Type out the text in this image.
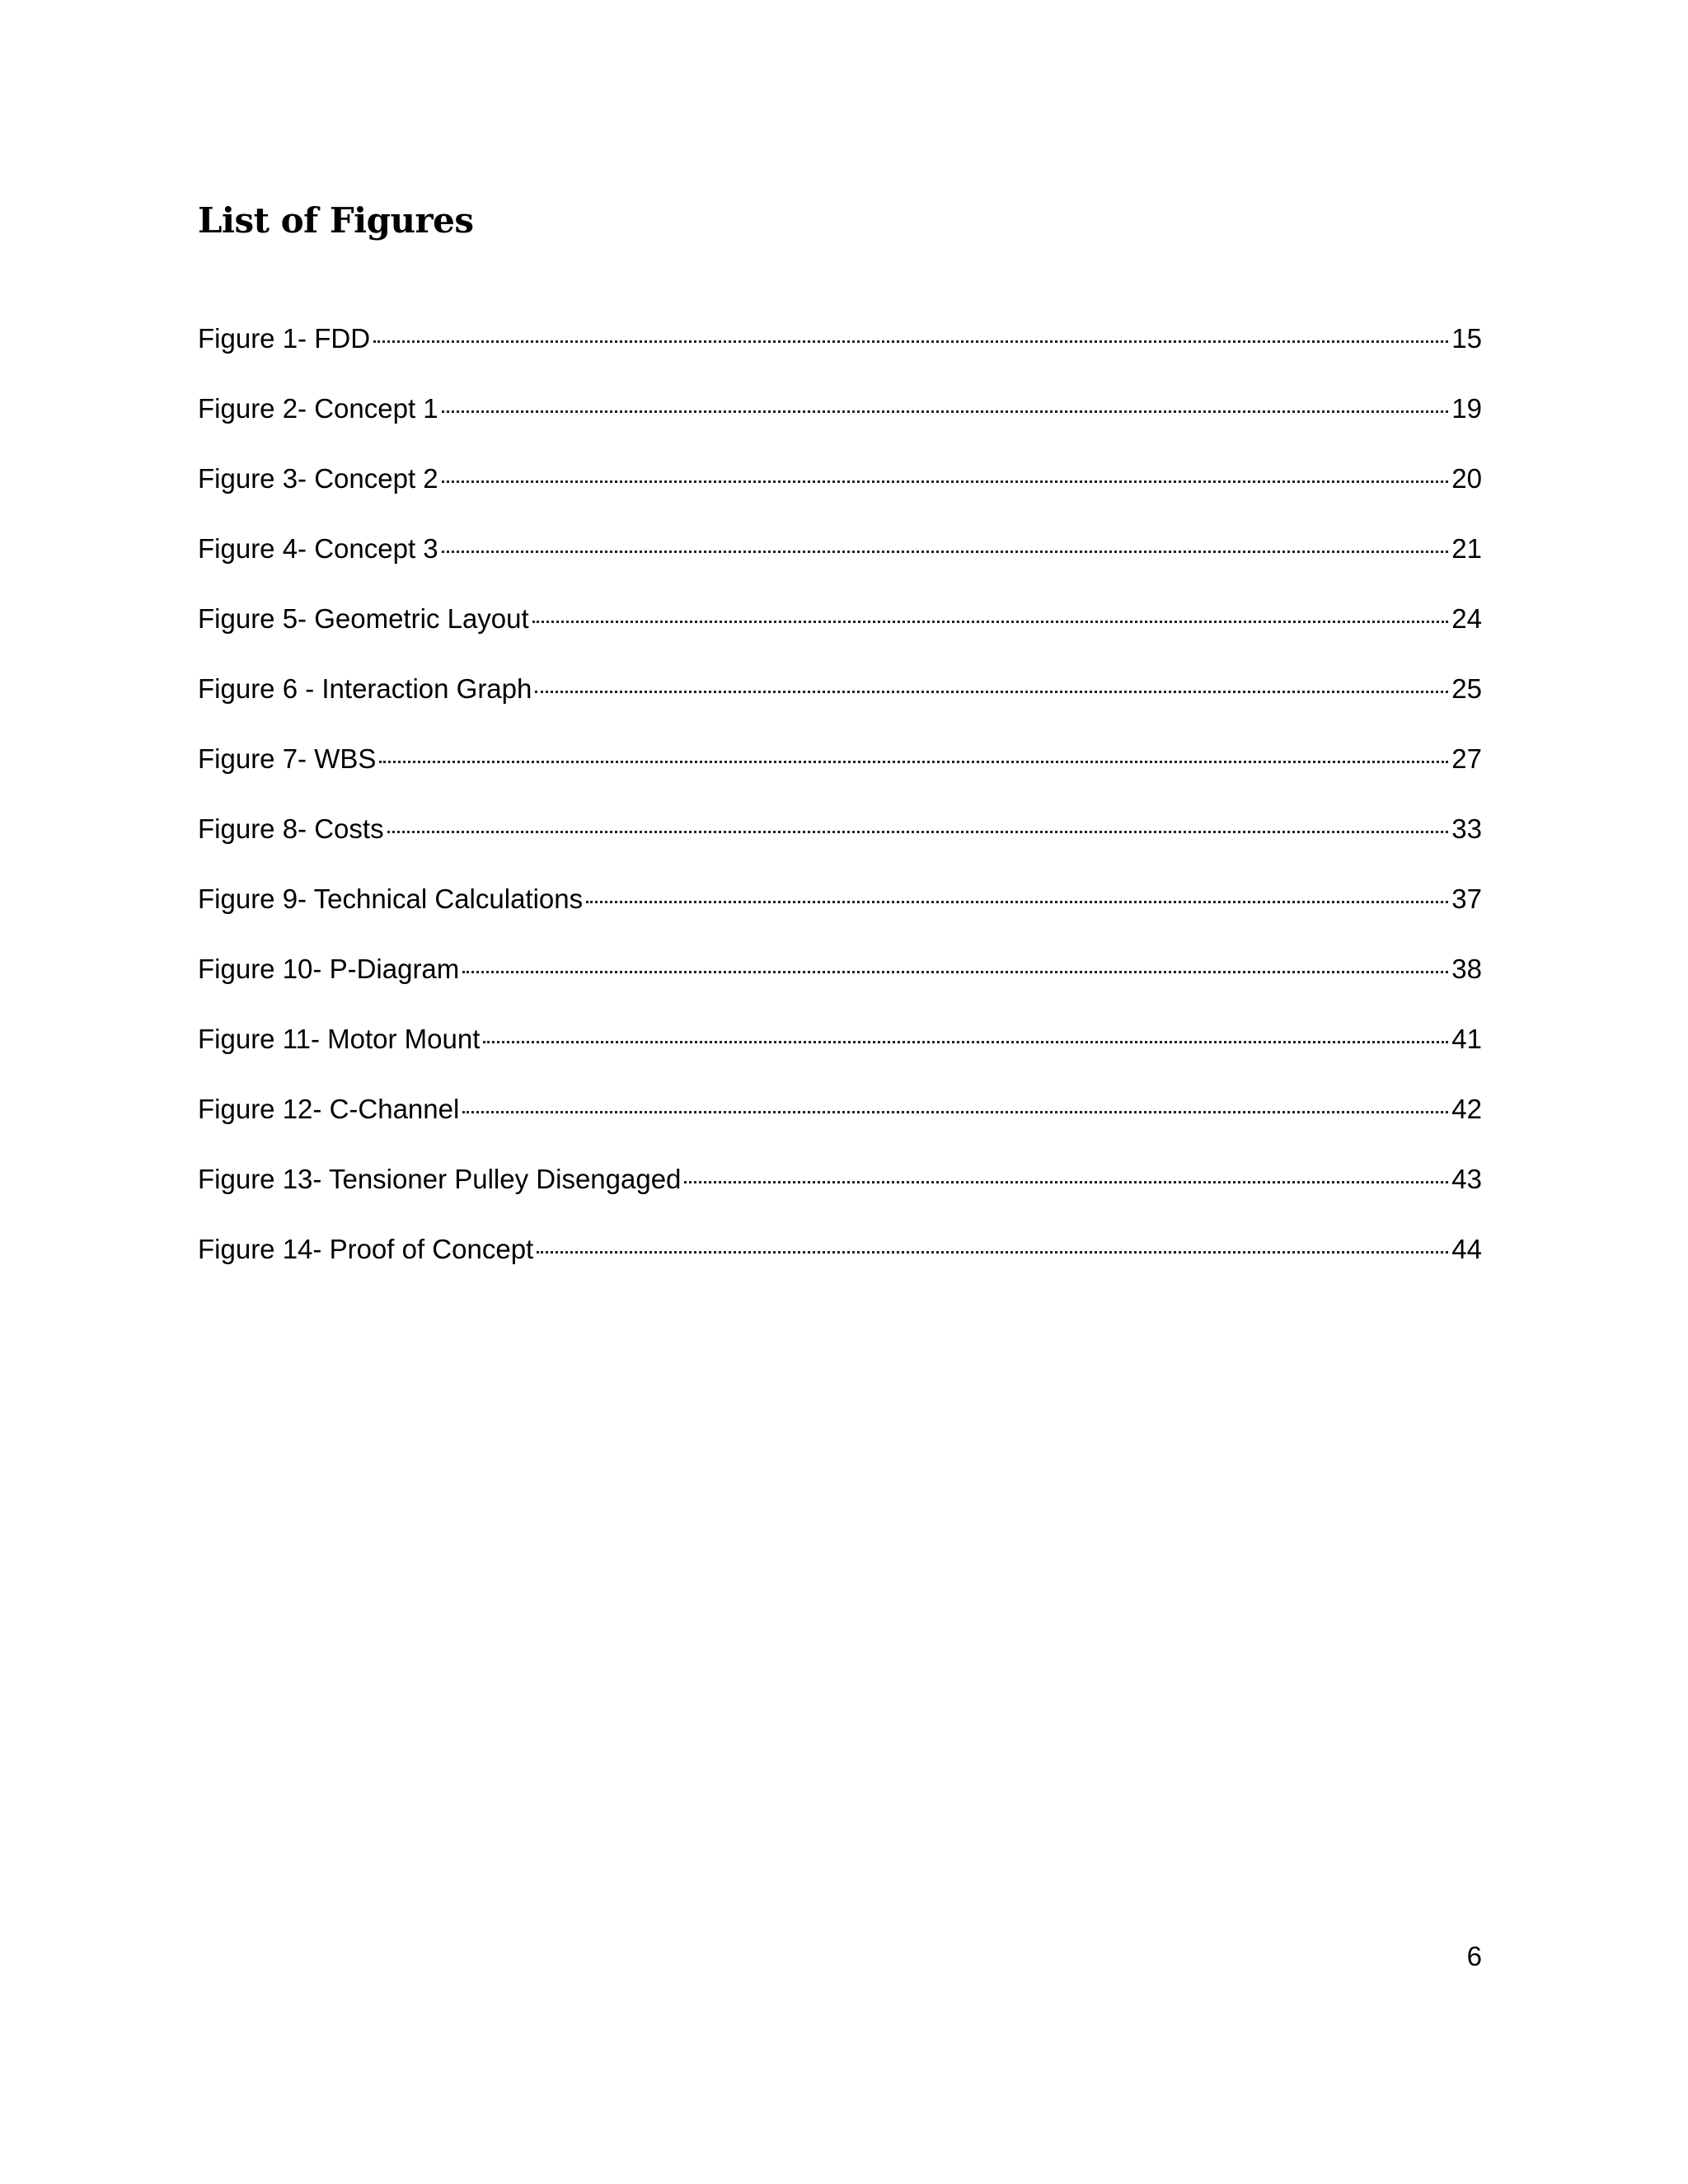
List of Figures
Figure 1- FDD	15
Figure 2- Concept 1	19
Figure 3- Concept 2	20
Figure 4- Concept 3	21
Figure 5- Geometric Layout	24
Figure 6 - Interaction Graph	25
Figure 7- WBS	27
Figure 8- Costs	33
Figure 9- Technical Calculations	37
Figure 10- P-Diagram	38
Figure 11- Motor Mount	41
Figure 12- C-Channel	42
Figure 13- Tensioner Pulley Disengaged	43
Figure 14- Proof of Concept	44
6
